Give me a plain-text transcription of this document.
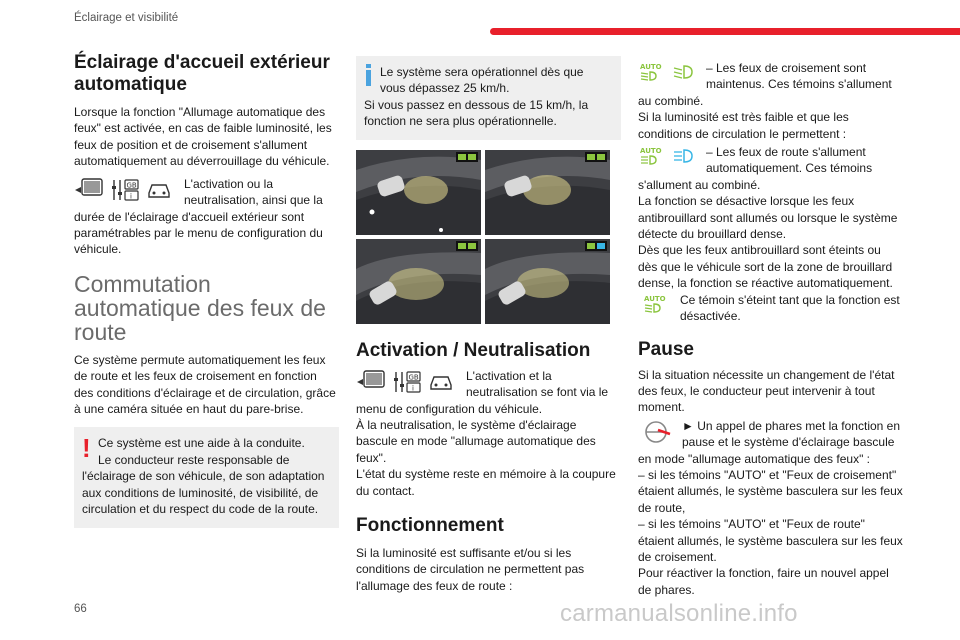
Éclairage et visibilité
Éclairage d'accueil extérieur automatique

Lorsque la fonction "Allumage automatique des feux" est activée, en cas de faible luminosité, les feux de position et de croisement s'allument automatiquement au déverrouillage du véhicule.

GB
i
L'activation ou la neutralisation, ainsi que la

durée de l'éclairage d'accueil extérieur sont paramétrables par le menu de configuration du véhicule.

Commutation automatique des feux de route

Ce système permute automatiquement les feux de route et les feux de croisement en fonction des conditions d'éclairage et de circulation, grâce à une caméra située en haut du pare-brise.

! Ce système est une aide à la conduite.
Le conducteur reste responsable de
l'éclairage de son véhicule, de son adaptation aux conditions de luminosité, de visibilité, de circulation et du respect du code de la route.
Le système sera opérationnel dès que
vous dépassez 25 km/h.
Si vous passez en dessous de 15 km/h, la fonction ne sera plus opérationnelle.
Activation / Neutralisation
GB
i
L'activation et la neutralisation se font via le

menu de configuration du véhicule.

À la neutralisation, le système d'éclairage bascule en mode "allumage automatique des feux".

L'état du système reste en mémoire à la coupure du contact.

Fonctionnement

Si la luminosité est suffisante et/ou si les conditions de circulation ne permettent pas l'allumage des feux de route :

AUTO	– Les feux de croisement sont maintenus. Ces témoins s'allument

au combiné.

Si la luminosité est très faible et que les conditions de circulation le permettent :

AUTO	– Les feux de route s'allument automatiquement. Ces témoins

s'allument au combiné.

La fonction se désactive lorsque les feux antibrouillard sont allumés ou lorsque le système détecte du brouillard dense.

Dès que les feux antibrouillard sont éteints ou dès que le véhicule sort de la zone de brouillard dense, la fonction se réactive automatiquement.

AUTO Ce témoin s'éteint tant que la fonction est désactivée.
Pause

Si la situation nécessite un changement de l'état des feux, le conducteur peut intervenir à tout moment.

► Un appel de phares met la fonction en pause et le système d'éclairage bascule

en mode "allumage automatique des feux" :

– si les témoins "AUTO" et "Feux de croisement" étaient allumés, le système basculera sur les feux de route,

– si les témoins "AUTO" et "Feux de route" étaient allumés, le système basculera sur les feux de croisement.

Pour réactiver la fonction, faire un nouvel appel de phares.

66	carmanualsonline.info
